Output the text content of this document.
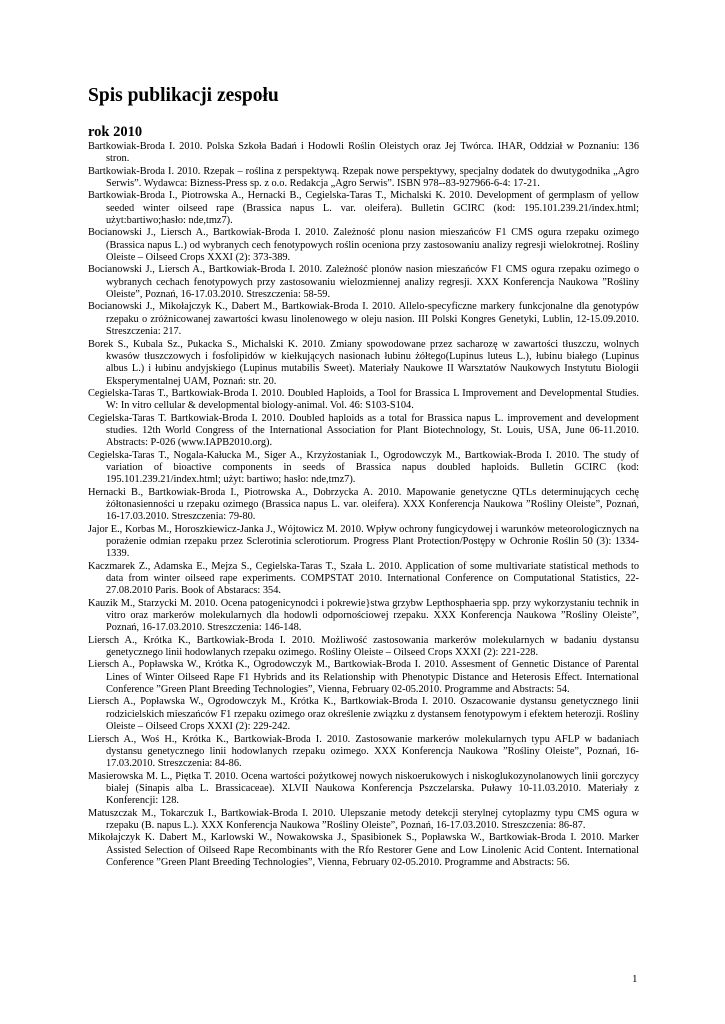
Spis publikacji zespołu
rok 2010
Bartkowiak-Broda I. 2010. Polska Szkoła Badań i Hodowli Roślin Oleistych oraz Jej Twórca. IHAR, Oddział w Poznaniu: 136 stron.
Bartkowiak-Broda I. 2010. Rzepak – roślina z perspektywą. Rzepak nowe perspektywy, specjalny dodatek do dwutygodnika „Agro Serwis”. Wydawca: Bizness-Press sp. z o.o. Redakcja „Agro Serwis”. ISBN 978--83-927966-6-4: 17-21.
Bartkowiak-Broda I., Piotrowska A., Hernacki B., Cegielska-Taras T., Michalski K. 2010. Development of germplasm of yellow seeded winter oilseed rape (Brassica napus L. var. oleifera). Bulletin GCIRC (kod: 195.101.239.21/index.html; użyt:bartiwo;hasło: nde,tmz7).
Bocianowski J., Liersch A., Bartkowiak-Broda I. 2010. Zależność plonu nasion mieszańców F1 CMS ogura rzepaku ozimego (Brassica napus L.) od wybranych cech fenotypowych roślin oceniona przy zastosowaniu analizy regresji wielokrotnej. Rośliny Oleiste – Oilseed Crops XXXI (2): 373-389.
Bocianowski J., Liersch A., Bartkowiak-Broda I. 2010. Zależność plonów nasion mieszańców F1 CMS ogura rzepaku ozimego o wybranych cechach fenotypowych przy zastosowaniu wielozmiennej analizy regresji. XXX Konferencja Naukowa ”Rośliny Oleiste”, Poznań, 16-17.03.2010. Streszczenia: 58-59.
Bocianowski J., Mikołajczyk K., Dabert M., Bartkowiak-Broda I. 2010. Allelo-specyficzne markery funkcjonalne dla genotypów rzepaku o zróżnicowanej zawartości kwasu linolenowego w oleju nasion. III Polski Kongres Genetyki, Lublin, 12-15.09.2010. Streszczenia: 217.
Borek S., Kubala Sz., Pukacka S., Michalski K. 2010. Zmiany spowodowane przez sacharozę w zawartości tłuszczu, wolnych kwasów tłuszczowych i fosfolipidów w kiełkujących nasionach łubinu żółtego(Lupinus luteus L.), łubinu białego (Lupinus albus L.) i łubinu andyjskiego (Lupinus mutabilis Sweet). Materiały Naukowe II Warsztatów Naukowych Instytutu Biologii Eksperymentalnej UAM, Poznań: str. 20.
Cegielska-Taras T., Bartkowiak-Broda I. 2010. Doubled Haploids, a Tool for Brassica L Improvement and Developmental Studies. W: In vitro cellular & developmental biology-animal. Vol. 46: S103-S104.
Cegielska-Taras T. Bartkowiak-Broda I. 2010. Doubled haploids as a total for Brassica napus L. improvement and development studies. 12th World Congress of the International Association for Plant Biotechnology, St. Louis, USA, June 06-11.2010. Abstracts: P-026 (www.IAPB2010.org).
Cegielska-Taras T., Nogala-Kałucka M., Siger A., Krzyżostaniak I., Ogrodowczyk M., Bartkowiak-Broda I. 2010. The study of variation of bioactive components in seeds of Brassica napus doubled haploids. Bulletin GCIRC (kod: 195.101.239.21/index.html; użyt: bartiwo; hasło: nde,tmz7).
Hernacki B., Bartkowiak-Broda I., Piotrowska A., Dobrzycka A. 2010. Mapowanie genetyczne QTLs determinujących cechę żółtonasienności u rzepaku ozimego (Brassica napus L. var. oleifera). XXX Konferencja Naukowa ”Rośliny Oleiste”, Poznań, 16-17.03.2010. Streszczenia: 79-80.
Jajor E., Korbas M., Horoszkiewicz-Janka J., Wójtowicz M. 2010. Wpływ ochrony fungicydowej i warunków meteorologicznych na porażenie odmian rzepaku przez Sclerotinia sclerotiorum. Progress Plant Protection/Postępy w Ochronie Roślin 50 (3): 1334-1339.
Kaczmarek Z., Adamska E., Mejza S., Cegielska-Taras T., Szała L. 2010. Application of some multivariate statistical methods to data from winter oilseed rape experiments. COMPSTAT 2010. International Conference on Computational Statistics, 22-27.08.2010 Paris. Book of Abstaracs: 354.
Kauzik M., Starzycki M. 2010. Ocena patogenicynodci i pokrewie}stwa grzybw Lepthosphaeria spp. przy wykorzystaniu technik in vitro oraz markerów molekularnych dla hodowli odpornościowej rzepaku. XXX Konferencja Naukowa ”Rośliny Oleiste”, Poznań, 16-17.03.2010. Streszczenia: 146-148.
Liersch A., Krótka K., Bartkowiak-Broda I. 2010. Możliwość zastosowania markerów molekularnych w badaniu dystansu genetycznego linii hodowlanych rzepaku ozimego. Rośliny Oleiste – Oilseed Crops XXXI (2): 221-228.
Liersch A., Popławska W., Krótka K., Ogrodowczyk M., Bartkowiak-Broda I. 2010. Assesment of Gennetic Distance of Parental Lines of Winter Oilseed Rape F1 Hybrids and its Relationship with Phenotypic Distance and Heterosis Effect. International Conference ”Green Plant Breeding Technologies”, Vienna, February 02-05.2010. Programme and Abstracts: 54.
Liersch A., Popławska W., Ogrodowczyk M., Krótka K., Bartkowiak-Broda I. 2010. Oszacowanie dystansu genetycznego linii rodzicielskich mieszańców F1 rzepaku ozimego oraz określenie związku z dystansem fenotypowym i efektem heterozji. Rośliny Oleiste – Oilseed Crops XXXI (2): 229-242.
Liersch A., Woś H., Krótka K., Bartkowiak-Broda I. 2010. Zastosowanie markerów molekularnych typu AFLP w badaniach dystansu genetycznego linii hodowlanych rzepaku ozimego. XXX Konferencja Naukowa ”Rośliny Oleiste”, Poznań, 16-17.03.2010. Streszczenia: 84-86.
Masierowska M. L., Piętka T. 2010. Ocena wartości pożytkowej nowych niskoerukowych i niskoglukozynolanowych linii gorczycy białej (Sinapis alba L. Brassicaceae). XLVII Naukowa Konferencja Pszczelarska. Puławy 10-11.03.2010. Materiały z Konferencji: 128.
Matuszczak M., Tokarczuk I., Bartkowiak-Broda I. 2010. Ulepszanie metody detekcji sterylnej cytoplazmy typu CMS ogura w rzepaku (B. napus L.). XXX Konferencja Naukowa ”Rośliny Oleiste”, Poznań, 16-17.03.2010. Streszczenia: 86-87.
Mikołajczyk K. Dabert M., Karlowski W., Nowakowska J., Spasibionek S., Popławska W., Bartkowiak-Broda I. 2010. Marker Assisted Selection of Oilseed Rape Recombinants with the Rfo Restorer Gene and Low Linolenic Acid Content. International Conference ”Green Plant Breeding Technologies”, Vienna, February 02-05.2010. Programme and Abstracts: 56.
1
